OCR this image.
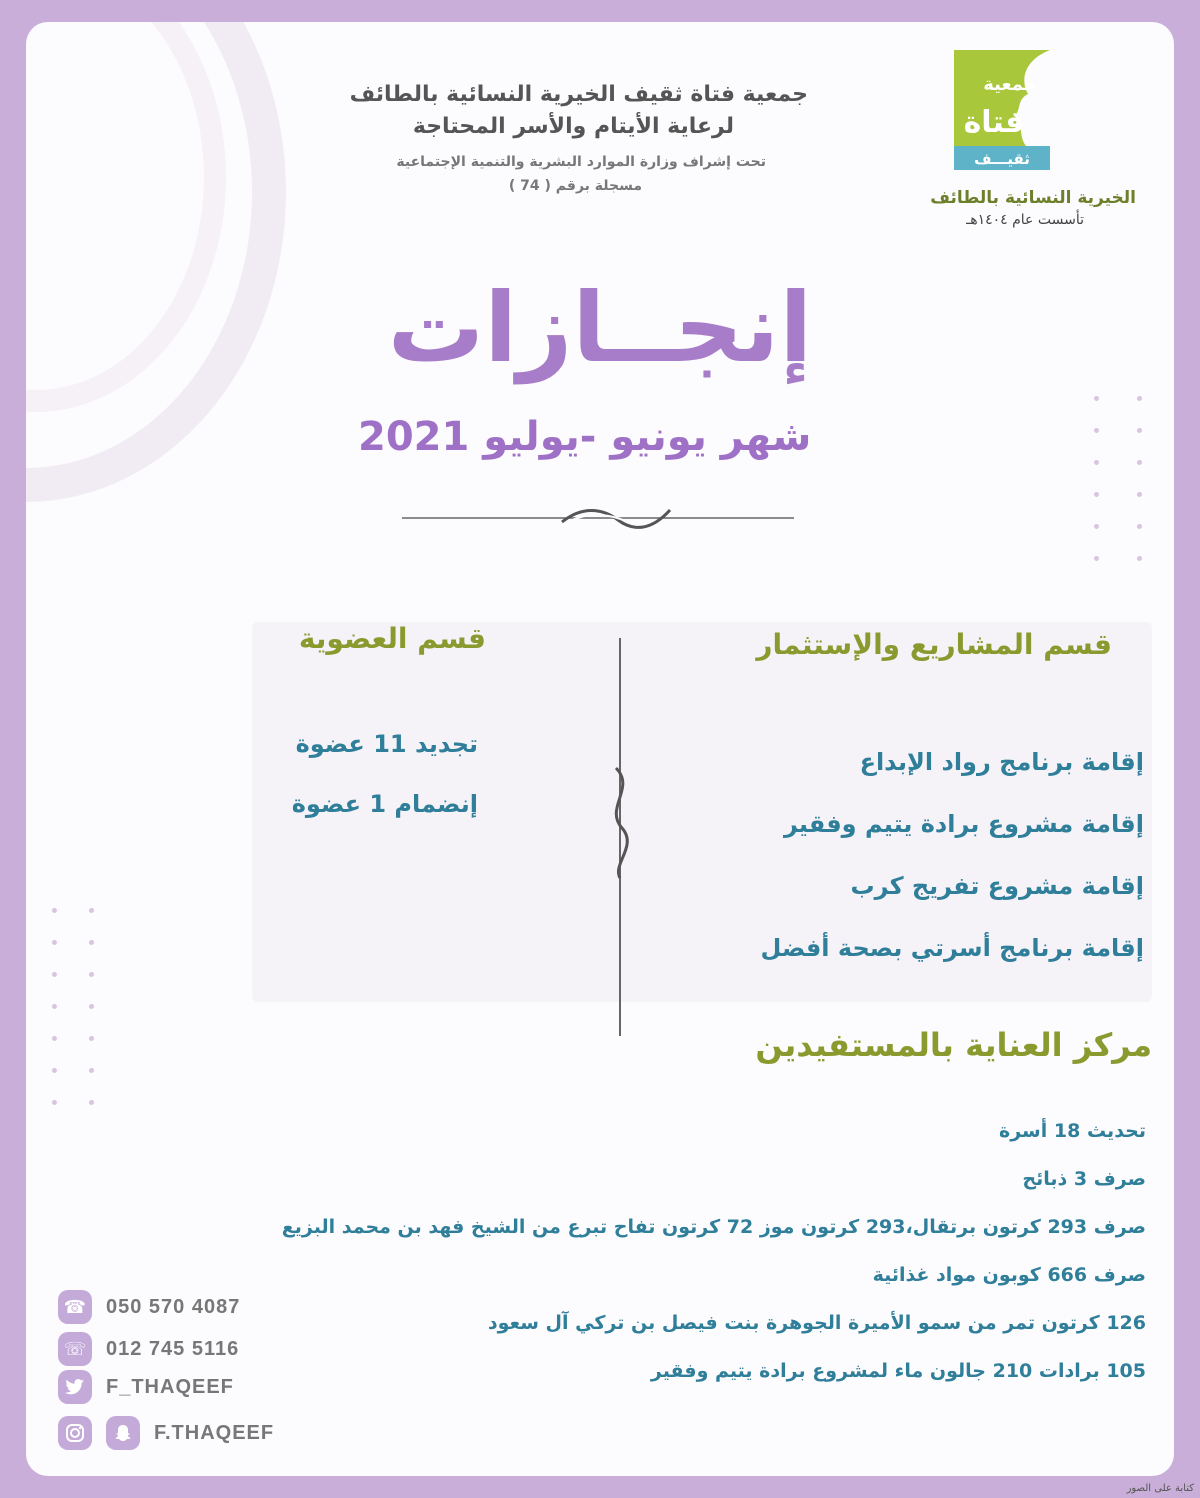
جمعية فتاة ثقيف الخيرية النسائية بالطائف
لرعاية الأيتام والأسر المحتاجة
تحت إشراف وزارة الموارد البشرية والتنمية الإجتماعية
مسجلة برقم ( 74 )
جمعية
فتاة
ثقيـــف
الخيرية النسائية بالطائف
تأسست عام ١٤٠٤هـ
إنجــازات
2021 شهر يونيو -يوليو
قسم المشاريع والإستثمار
إقامة برنامج رواد الإبداع
إقامة مشروع برادة يتيم وفقير
إقامة مشروع تفريج كرب
إقامة برنامج أسرتي بصحة أفضل
قسم العضوية
تجديد 11 عضوة
إنضمام 1 عضوة
مركز العناية بالمستفيدين
تحديث 18 أسرة
صرف 3 ذبائح
صرف 293 كرتون برتقال،293 كرتون موز 72 كرتون تفاح تبرع من الشيخ فهد بن محمد البزيع
صرف 666 كوبون مواد غذائية
126 كرتون تمر من سمو الأميرة الجوهرة بنت فيصل بن تركي آل سعود
105 برادات 210 جالون ماء لمشروع برادة يتيم وفقير
☎ 050 570 4087
☏ 012 745 5116
F_THAQEEF
F.THAQEEF
كتابة على الصور
